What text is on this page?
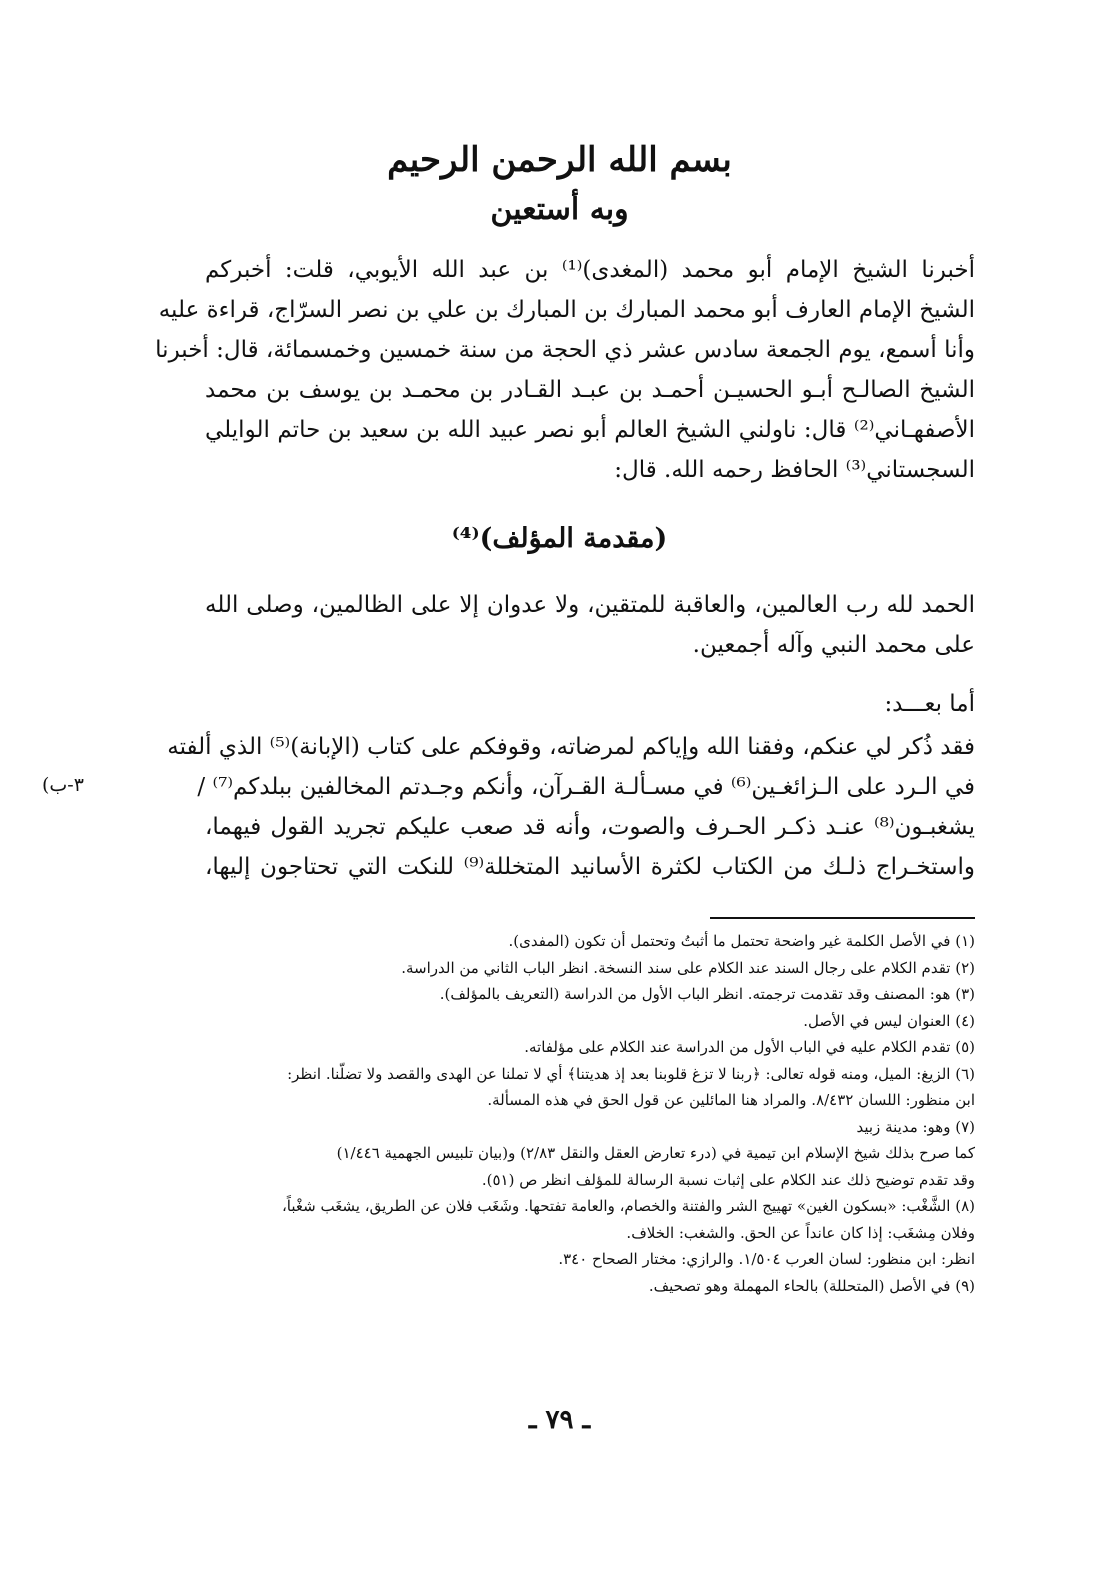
بسم الله الرحمن الرحيم
وبه أستعين
أخبرنا الشيخ الإمام أبو محمد (المغدى)⁽¹⁾ بن عبد الله الأيوبي، قلت: أخبركم
الشيخ الإمام العارف أبو محمد المبارك بن المبارك بن علي بن نصر السرّاج، قراءة عليه
وأنا أسمع، يوم الجمعة سادس عشر ذي الحجة من سنة خمسين وخمسمائة، قال: أخبرنا
الشيخ الصالـح أبـو الحسيـن أحمـد بن عبـد القـادر بن محمـد بن يوسف بن محمد
الأصفهـاني⁽²⁾ قال: ناولني الشيخ العالم أبو نصر عبيد الله بن سعيد بن حاتم الوايلي
السجستاني⁽³⁾ الحافظ رحمه الله. قال:
(مقدمة المؤلف)⁽⁴⁾
الحمد لله رب العالمين، والعاقبة للمتقين، ولا عدوان إلا على الظالمين، وصلى الله
على محمد النبي وآله أجمعين.
أما بعـــد:
فقد ذُكر لي عنكم، وفقنا الله وإياكم لمرضاته، وقوفكم على كتاب (الإبانة)⁽⁵⁾ الذي ألفته
في الـرد على الـزائغـين⁽⁶⁾ في مسـألـة القـرآن، وأنكم وجـدتم المخالفين ببلدكم⁽⁷⁾ /
يشغبـون⁽⁸⁾ عنـد ذكـر الحـرف والصوت، وأنه قد صعب عليكم تجريد القول فيهما،
واستخـراج ذلـك من الكتاب لكثرة الأسانيد المتخللة⁽⁹⁾ للنكت التي تحتاجون إليها،
٣-ب)
(١) في الأصل الكلمة غير واضحة تحتمل ما أثبتُ وتحتمل أن تكون (المفدى).
(٢) تقدم الكلام على رجال السند عند الكلام على سند النسخة. انظر الباب الثاني من الدراسة.
(٣) هو: المصنف وقد تقدمت ترجمته. انظر الباب الأول من الدراسة (التعريف بالمؤلف).
(٤) العنوان ليس في الأصل.
(٥) تقدم الكلام عليه في الباب الأول من الدراسة عند الكلام على مؤلفاته.
(٦) الزيغ: الميل، ومنه قوله تعالى: ﴿ربنا لا تزغ قلوبنا بعد إذ هديتنا﴾ أي لا تملنا عن الهدى والقصد ولا تضلّنا. انظر:
ابن منظور: اللسان ٨/٤٣٢. والمراد هنا المائلين عن قول الحق في هذه المسألة.
(٧) وهو: مدينة زبيد
كما صرح بذلك شيخ الإسلام ابن تيمية في (درء تعارض العقل والنقل ٢/٨٣) و(بيان تلبيس الجهمية ١/٤٤٦)
وقد تقدم توضيح ذلك عند الكلام على إثبات نسبة الرسالة للمؤلف انظر ص (٥١).
(٨) الشَّغْب: «بسكون الغين» تهييج الشر والفتنة والخصام، والعامة تفتحها. وشَغَب فلان عن الطريق، يشغَب شغْباً،
وفلان مِشغَب: إذا كان عانداً عن الحق. والشغب: الخلاف.
انظر: ابن منظور: لسان العرب ١/٥٠٤. والرازي: مختار الصحاح ٣٤٠.
(٩) في الأصل (المتحللة) بالحاء المهملة وهو تصحيف.
ـ ٧٩ ـ
